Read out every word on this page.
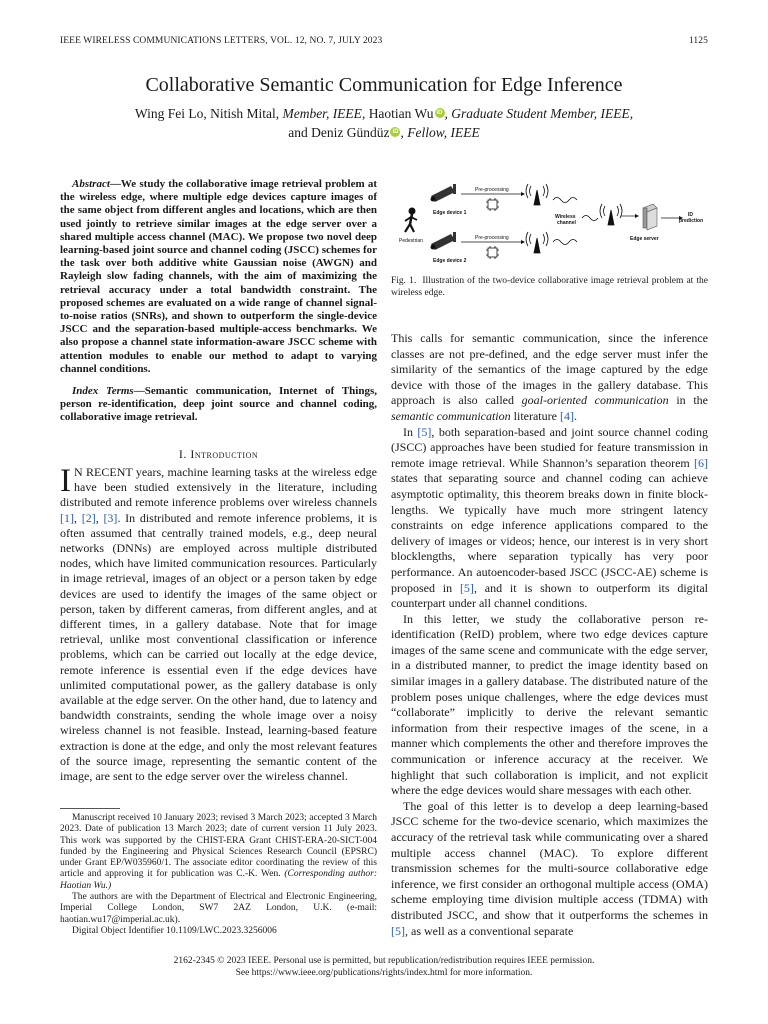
IEEE WIRELESS COMMUNICATIONS LETTERS, VOL. 12, NO. 7, JULY 2023	1125
Collaborative Semantic Communication for Edge Inference
Wing Fei Lo, Nitish Mital, Member, IEEE, Haotian Wu iD , Graduate Student Member, IEEE,
and Deniz Gündüz iD , Fellow, IEEE

Abstract—We study the collaborative image retrieval problem at the wireless edge, where multiple edge devices capture images of the same object from different angles and locations, which are then used jointly to retrieve similar images at the edge server over a shared multiple access channel (MAC). We propose two novel deep learning-based joint source and channel coding (JSCC) schemes for the task over both additive white Gaussian noise (AWGN) and Rayleigh slow fading channels, with the aim of maximizing the retrieval accuracy under a total bandwidth constraint. The proposed schemes are evaluated on a wide range of channel signal-to-noise ratios (SNRs), and shown to outperform the single-device JSCC and the separation-based multiple-access benchmarks. We also propose a channel state information-aware JSCC scheme with attention modules to enable our method to adapt to varying channel conditions.

Index Terms—Semantic communication, Internet of Things, person re-identification, deep joint source and channel coding, collaborative image retrieval.

I. Introduction

I N RECENT years, machine learning tasks at the wireless edge have been studied extensively in the literature, including distributed and remote inference problems over wireless channels [1], [2], [3]. In distributed and remote inference problems, it is often assumed that centrally trained models, e.g., deep neural networks (DNNs) are employed across multiple distributed nodes, which have limited communication resources. Particularly in image retrieval, images of an object or a person taken by edge devices are used to identify the images of the same object or person, taken by different cameras, from different angles, and at different times, in a gallery database. Note that for image retrieval, unlike most conventional classification or inference problems, which can be carried out locally at the edge device, remote inference is essential even if the edge devices have unlimited computational power, as the gallery database is only available at the edge server. On the other hand, due to latency and bandwidth constraints, sending the whole image over a noisy wireless channel is not feasible. Instead, learning-based feature extraction is done at the edge, and only the most relevant features of the source image, representing the semantic content of the image, are sent to the edge server over the wireless channel.

Manuscript received 10 January 2023; revised 3 March 2023; accepted 3 March 2023. Date of publication 13 March 2023; date of current version 11 July 2023. This work was supported by the CHIST-ERA Grant CHIST-ERA-20-SICT-004 funded by the Engineering and Physical Sciences Research Council (EPSRC) under Grant EP/W035960/1. The associate editor coordinating the review of this article and approving it for publication was C.-K. Wen. (Corresponding author: Haotian Wu.)

The authors are with the Department of Electrical and Electronic Engineering, Imperial College London, SW7 2AZ London, U.K. (e-mail: haotian.wu17@imperial.ac.uk).

Digital Object Identifier 10.1109/LWC.2023.3256006

Pedestrian
Edge device 1
Edge device 2
Pre-processing
Pre-processing
Wireless
channel
Edge server
ID
prediction
Fig. 1. Illustration of the two-device collaborative image retrieval problem at the wireless edge.

This calls for semantic communication, since the inference classes are not pre-defined, and the edge server must infer the similarity of the semantics of the image captured by the edge device with those of the images in the gallery database. This approach is also called goal-oriented communication in the semantic communication literature [4].

In [5], both separation-based and joint source channel coding (JSCC) approaches have been studied for feature transmission in remote image retrieval. While Shannon’s separation theorem [6] states that separating source and channel coding can achieve asymptotic optimality, this theorem breaks down in finite block-lengths. We typically have much more stringent latency constraints on edge inference applications compared to the delivery of images or videos; hence, our interest is in very short blocklengths, where separation typically has very poor performance. An autoencoder-based JSCC (JSCC-AE) scheme is proposed in [5], and it is shown to outperform its digital counterpart under all channel conditions.

In this letter, we study the collaborative person re-identification (ReID) problem, where two edge devices capture images of the same scene and communicate with the edge server, in a distributed manner, to predict the image identity based on similar images in a gallery database. The distributed nature of the problem poses unique challenges, where the edge devices must “collaborate” implicitly to derive the relevant semantic information from their respective images of the scene, in a manner which complements the other and therefore improves the communication or inference accuracy at the receiver. We highlight that such collaboration is implicit, and not explicit where the edge devices would share messages with each other.

The goal of this letter is to develop a deep learning-based JSCC scheme for the two-device scenario, which maximizes the accuracy of the retrieval task while communicating over a shared multiple access channel (MAC). To explore different transmission schemes for the multi-source collaborative edge inference, we first consider an orthogonal multiple access (OMA) scheme employing time division multiple access (TDMA) with distributed JSCC, and show that it outperforms the schemes in [5], as well as a conventional separate

2162-2345 © 2023 IEEE. Personal use is permitted, but republication/redistribution requires IEEE permission.
See https://www.ieee.org/publications/rights/index.html for more information.
